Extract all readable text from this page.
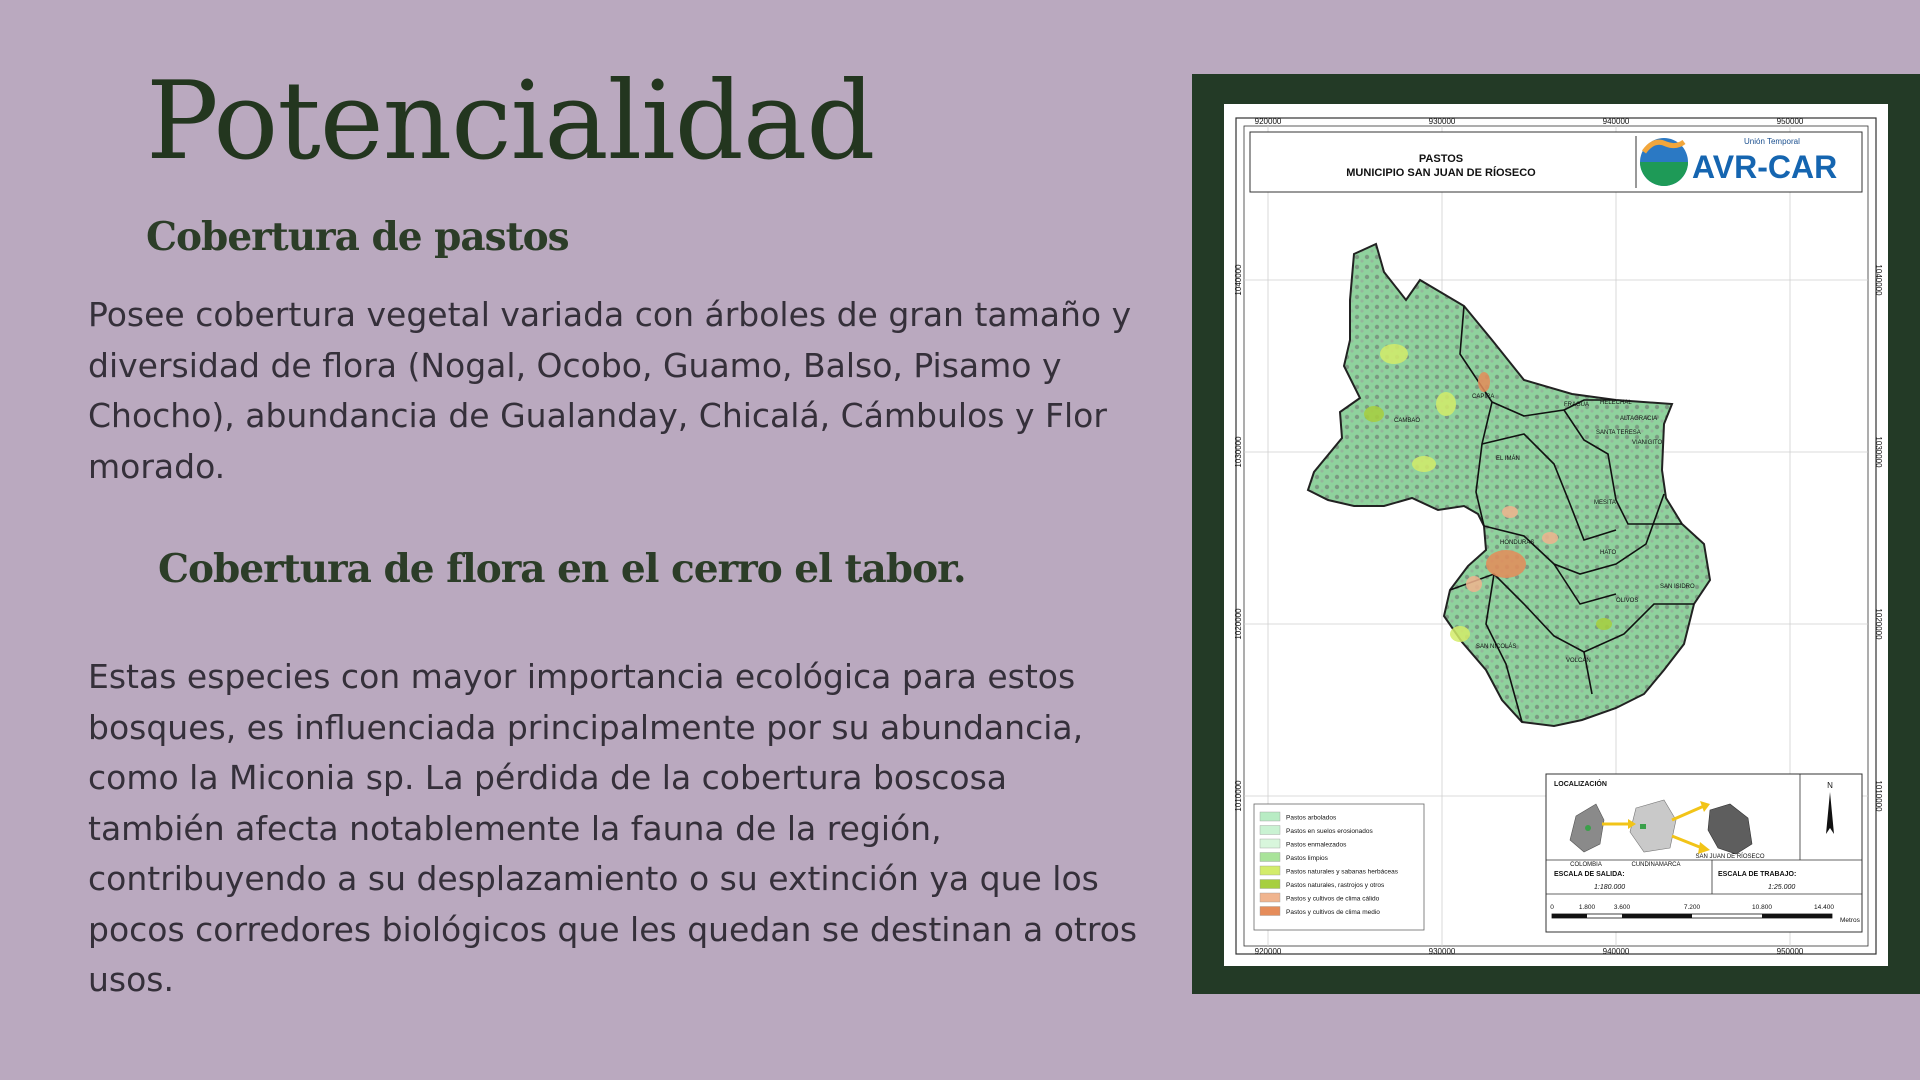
Potencialidad
Cobertura de pastos

Posee cobertura vegetal variada con árboles de gran tamaño y diversidad de flora (Nogal, Ocobo, Guamo, Balso, Pisamo y Chocho), abundancia de Gualanday, Chicalá, Cámbulos y Flor morado.

Cobertura de flora en el cerro el tabor.

Estas especies con mayor importancia ecológica para estos bosques, es influenciada principalmente por su abundancia, como la Miconia sp. La pérdida de la cobertura boscosa también afecta notablemente la fauna de la región, contribuyendo a su desplazamiento o su extinción ya que los pocos corredores biológicos que les quedan se destinan a otros usos.

920000	930000	940000	950000
920000	930000	940000	950000
1040000
1030000
1020000
1010000
1040000
1030000
1020000
1010000
PASTOS
MUNICIPIO SAN JUAN DE RÍOSECO
Unión Temporal
AVR-CAR
CAMBAO
CAPIRA
EL IMÁN
SANTA TERESA
ALTAGRACIA
VIANIGITO
HONDURAS
SAN NICOLÁS
VOLCÁN
SAN ISIDRO
MESITA
HATO
OLIVOS
HELECHAL
FRAGUA
Pastos arbolados
Pastos en suelos erosionados
Pastos enmalezados
Pastos limpios
Pastos naturales y sabanas herbáceas
Pastos naturales, rastrojos y otros
Pastos y cultivos de clima cálido
Pastos y cultivos de clima medio
LOCALIZACIÓN
COLOMBIA	CUNDINAMARCA
SAN JUAN DE RÍOSECO
N
ESCALA DE SALIDA:
1:180.000
ESCALA DE TRABAJO:
1:25.000
0	1.800	3.600	7.200	10.800	14.400
Metros
